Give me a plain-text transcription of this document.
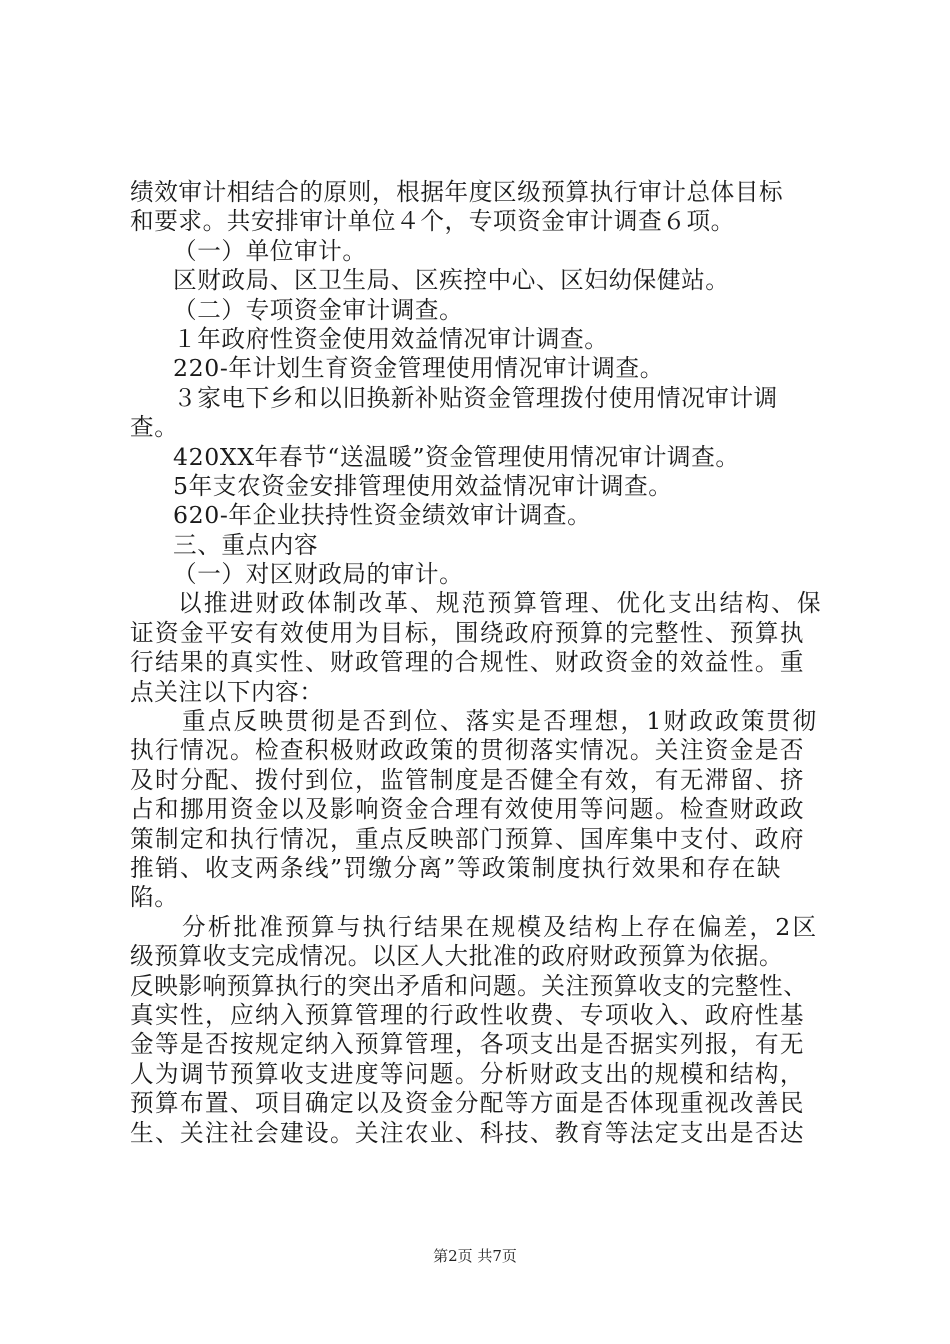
绩效审计相结合的原则，根据年度区级预算执行审计总体目标
和要求。共安排审计单位４个，专项资金审计调查６项。
（一）单位审计。
区财政局、区卫生局、区疾控中心、区妇幼保健站。
（二）专项资金审计调查。
１年政府性资金使用效益情况审计调查。
220-年计划生育资金管理使用情况审计调查。
３家电下乡和以旧换新补贴资金管理拨付使用情况审计调
查。
420XX年春节“送温暖”资金管理使用情况审计调查。
5年支农资金安排管理使用效益情况审计调查。
620-年企业扶持性资金绩效审计调查。
三、重点内容
（一）对区财政局的审计。
以推进财政体制改革、规范预算管理、优化支出结构、保
证资金平安有效使用为目标，围绕政府预算的完整性、预算执
行结果的真实性、财政管理的合规性、财政资金的效益性。重
点关注以下内容：
重点反映贯彻是否到位、落实是否理想，1财政政策贯彻
执行情况。检查积极财政政策的贯彻落实情况。关注资金是否
及时分配、拨付到位，监管制度是否健全有效，有无滞留、挤
占和挪用资金以及影响资金合理有效使用等问题。检查财政政
策制定和执行情况，重点反映部门预算、国库集中支付、政府
推销、收支两条线”罚缴分离”等政策制度执行效果和存在缺
陷。
分析批准预算与执行结果在规模及结构上存在偏差，2区
级预算收支完成情况。以区人大批准的政府财政预算为依据。
反映影响预算执行的突出矛盾和问题。关注预算收支的完整性、
真实性，应纳入预算管理的行政性收费、专项收入、政府性基
金等是否按规定纳入预算管理，各项支出是否据实列报，有无
人为调节预算收支进度等问题。分析财政支出的规模和结构，
预算布置、项目确定以及资金分配等方面是否体现重视改善民
生、关注社会建设。关注农业、科技、教育等法定支出是否达
第2页 共7页
